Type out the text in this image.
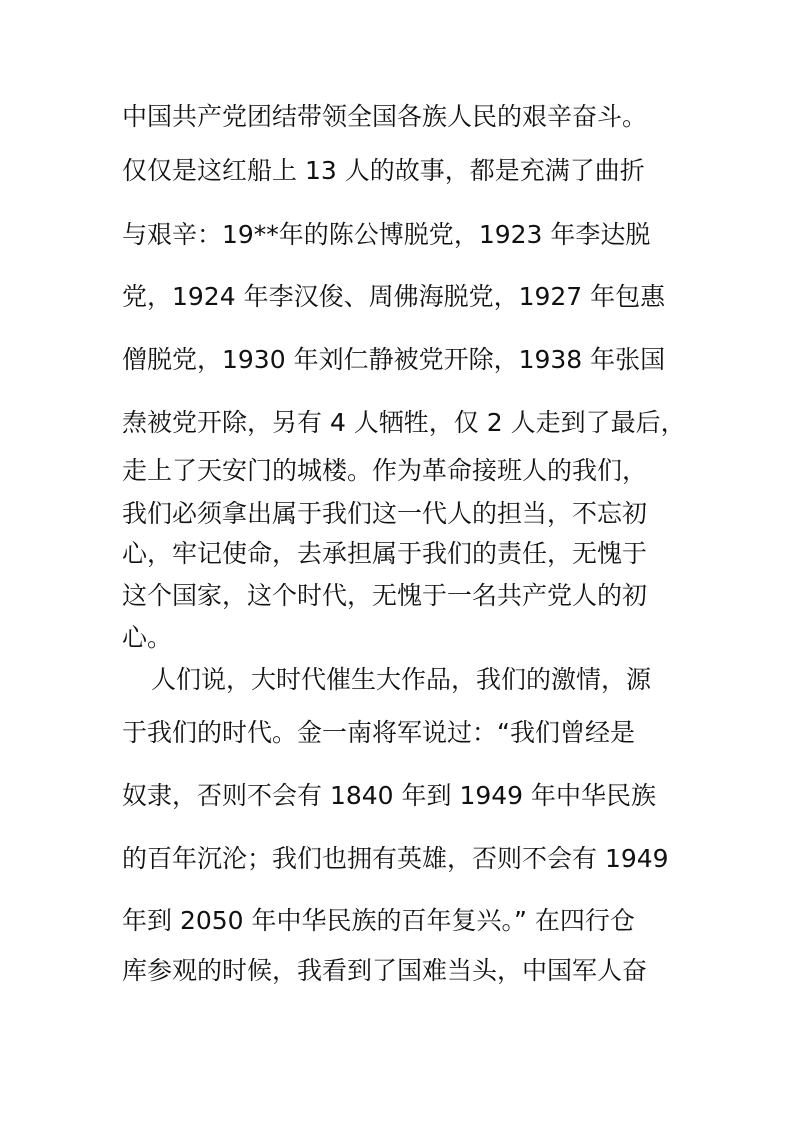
中国共产党团结带领全国各族人民的艰辛奋斗。
仅仅是这红船上 13 人的故事，都是充满了曲折
与艰辛：19**年的陈公博脱党，1923 年李达脱
党，1924 年李汉俊、周佛海脱党，1927 年包惠
僧脱党，1930 年刘仁静被党开除，1938 年张国
焘被党开除，另有 4 人牺牲，仅 2 人走到了最后，
走上了天安门的城楼。作为革命接班人的我们，
我们必须拿出属于我们这一代人的担当，不忘初
心，牢记使命，去承担属于我们的责任，无愧于
这个国家，这个时代，无愧于一名共产党人的初
心。
人们说，大时代催生大作品，我们的激情，源
于我们的时代。金一南将军说过：“我们曾经是
奴隶，否则不会有 1840 年到 1949 年中华民族
的百年沉沦；我们也拥有英雄，否则不会有 1949
年到 2050 年中华民族的百年复兴。” 在四行仓
库参观的时候，我看到了国难当头，中国军人奋
